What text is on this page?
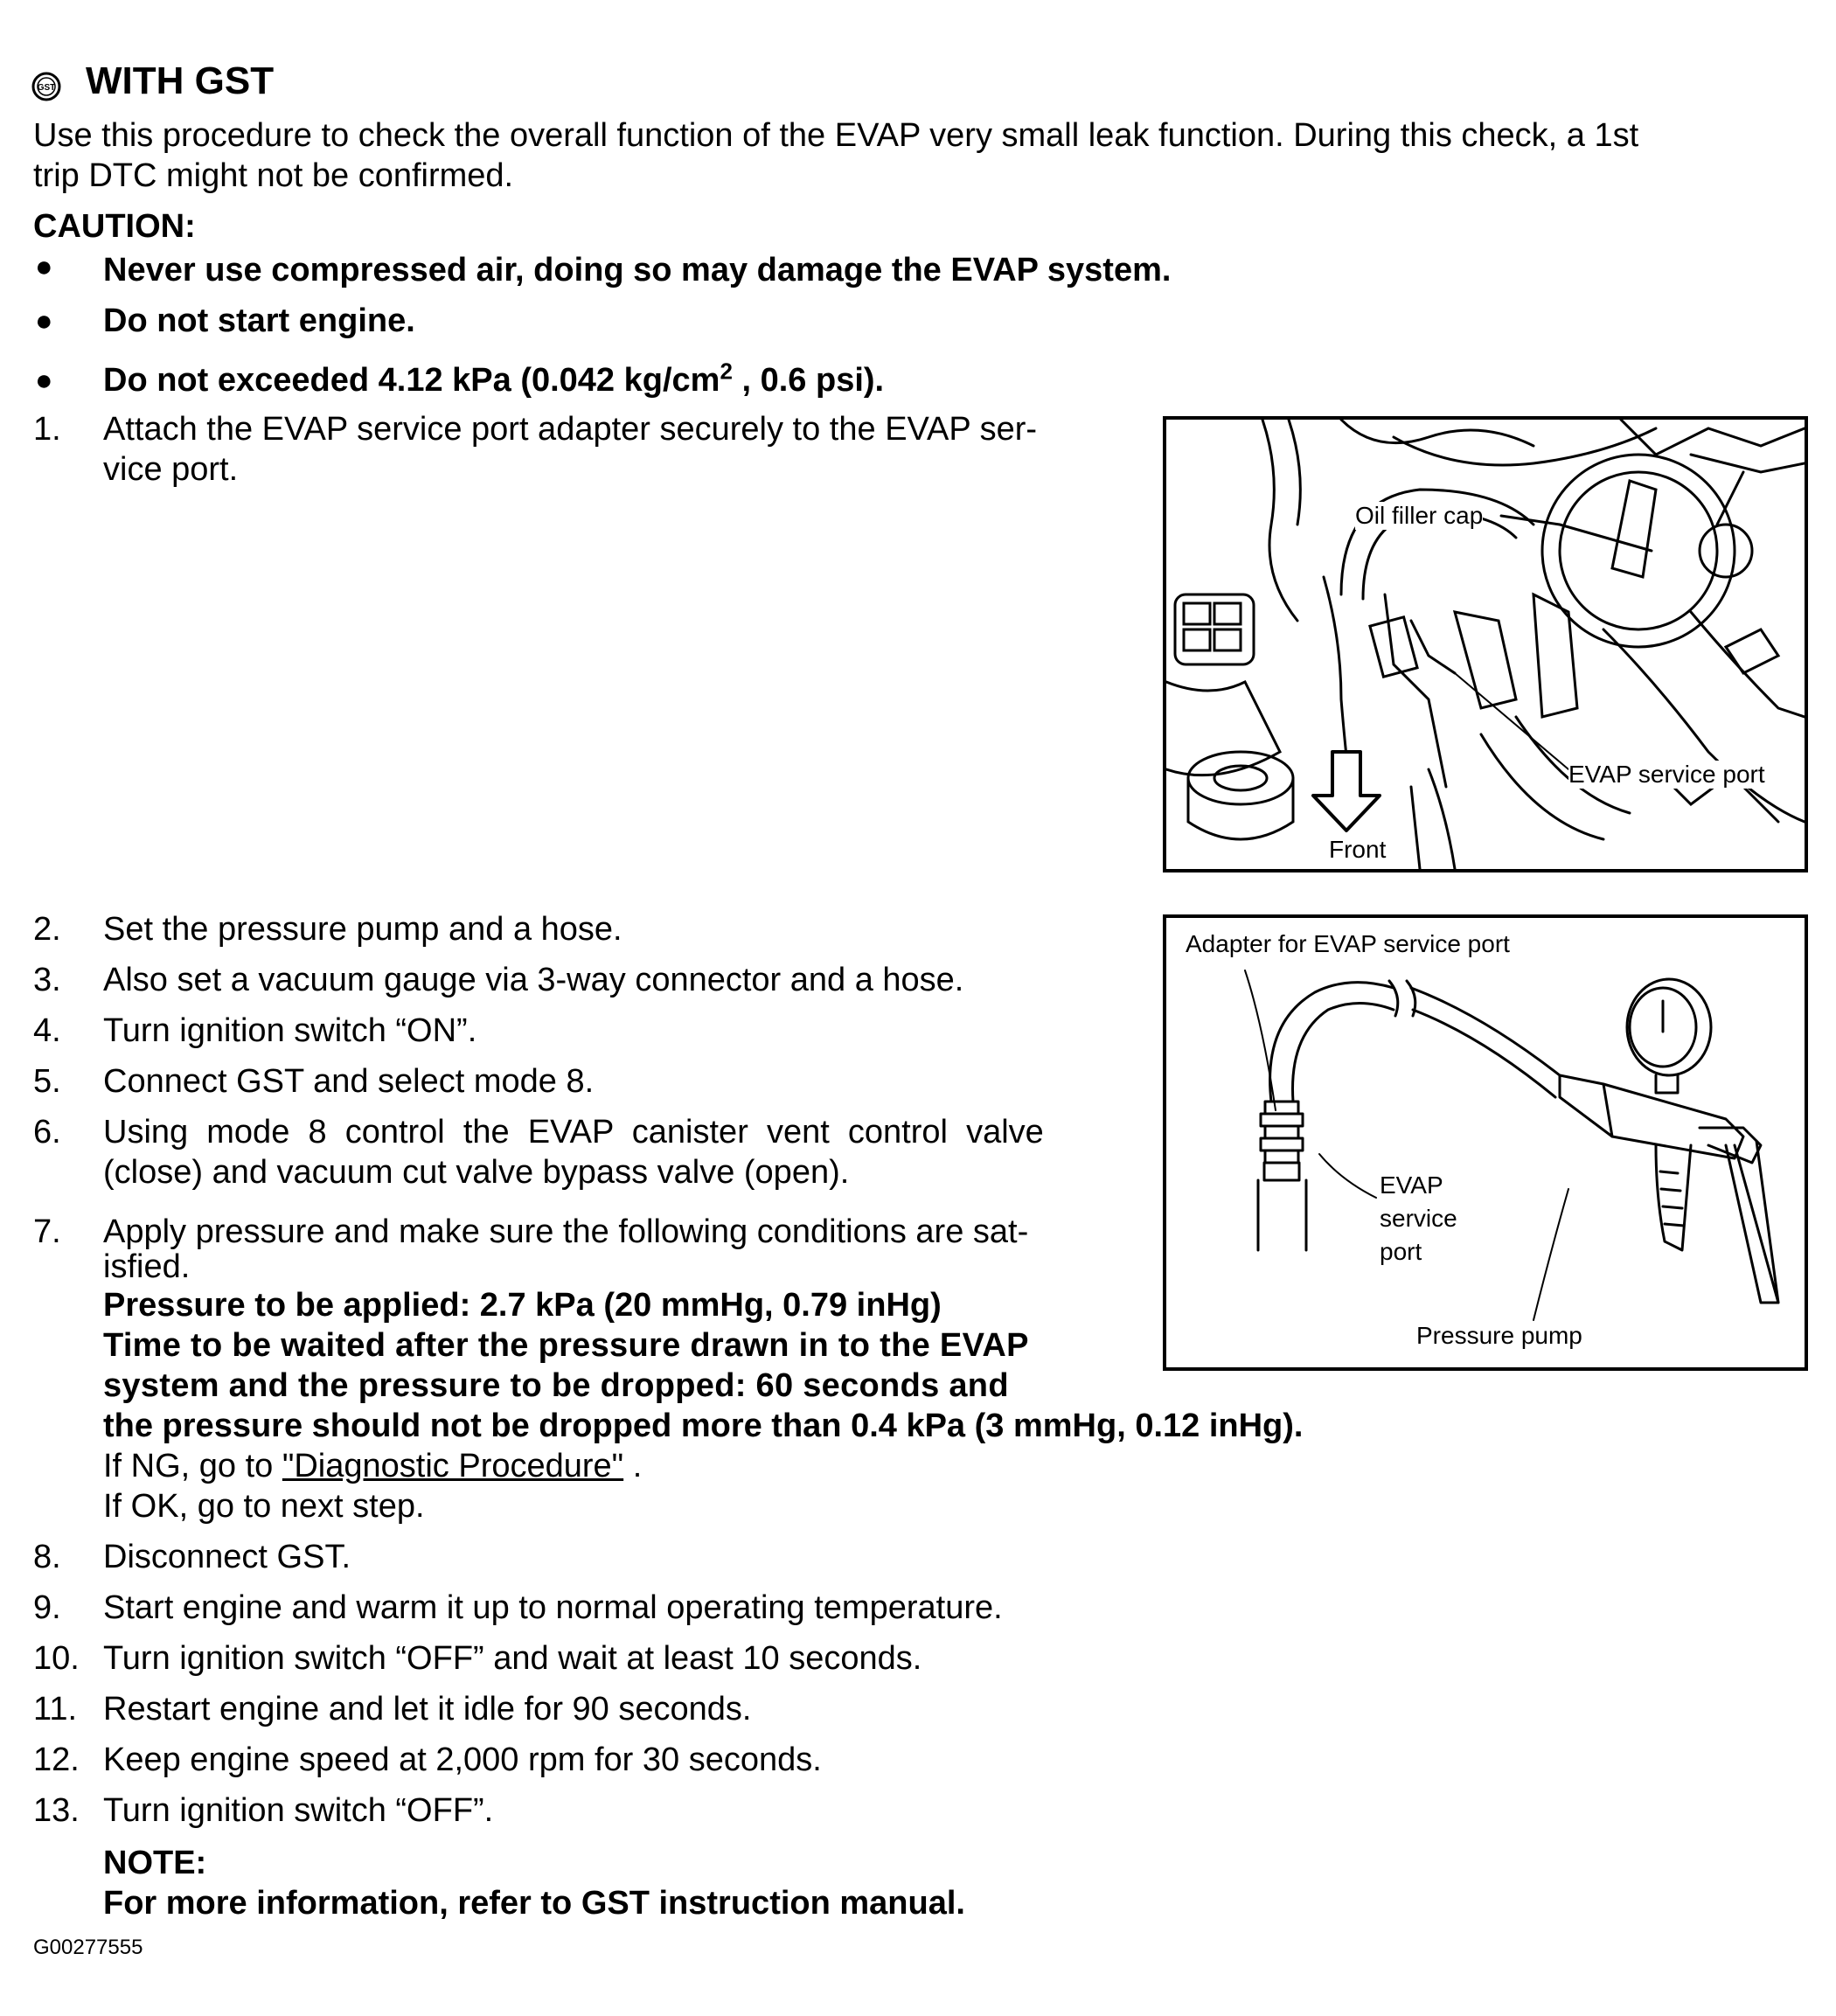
GST WITH GST
Use this procedure to check the overall function of the EVAP very small leak function. During this check, a 1st
trip DTC might not be confirmed.
CAUTION:
● Never use compressed air, doing so may damage the EVAP system.
● Do not start engine.
● Do not exceeded 4.12 kPa (0.042 $kg/cm^2$ , 0.6 psi).
1.	Attach the EVAP service port adapter securely to the EVAP ser-
vice port.
Oil filler cap
EVAP service port
Front
2.	Set the pressure pump and a hose.
3.	Also set a vacuum gauge via 3-way connector and a hose.
4.	Turn ignition switch “ON”.
5.	Connect GST and select mode 8.
6.	Using  mode  8  control  the  EVAP  canister  vent  control  valve
(close) and vacuum cut valve bypass valve (open).
Adapter for EVAP service port
EVAP
service
port
Pressure pump
7.	Apply pressure and make sure the following conditions are sat-
isfied.
Pressure to be applied: 2.7 kPa (20 mmHg, 0.79 inHg)
Time to be waited after the pressure drawn in to the EVAP
system and the pressure to be dropped: 60 seconds and
the pressure should not be dropped more than 0.4 kPa (3 mmHg, 0.12 inHg).
If NG, go to "Diagnostic Procedure" .
If OK, go to next step.
8.	Disconnect GST.
9.	Start engine and warm it up to normal operating temperature.
10. Turn ignition switch “OFF” and wait at least 10 seconds.
11. Restart engine and let it idle for 90 seconds.
12. Keep engine speed at 2,000 rpm for 30 seconds.
13. Turn ignition switch “OFF”.
NOTE:
For more information, refer to GST instruction manual.
G00277555
